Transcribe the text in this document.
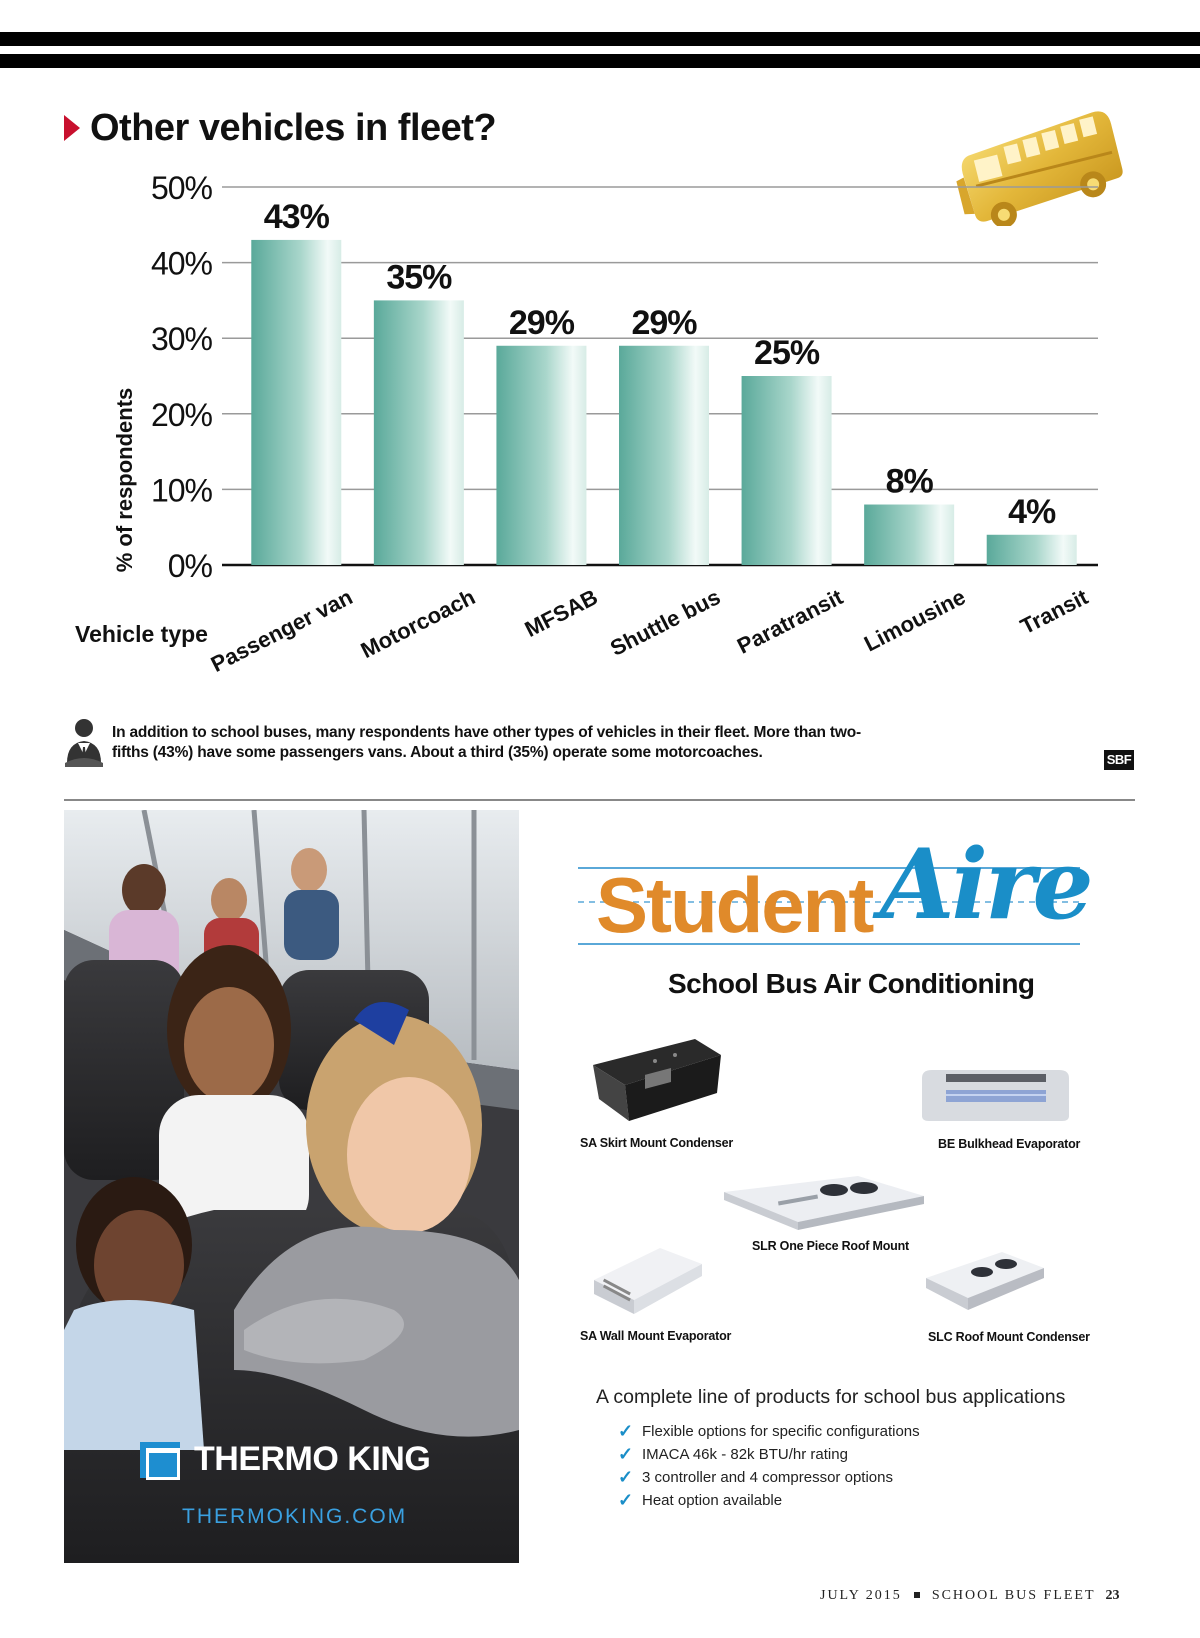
Other vehicles in fleet?
0%
10%
20%
30%
40%
50%
43%
35%
29% 29%
25%
8%
4%
Passenger van Motorcoach MFSAB Shuttle bus Paratransit Limousine Transit
% of respondents
Vehicle type

In addition to school buses, many respondents have other types of vehicles in their fleet. More than two-fifths (43%) have some passengers vans. About a third (35%) operate some motorcoaches.	SBF
THERMO KING
THERMOKING.COM
Student Aire
School Bus Air Conditioning
SA Skirt Mount Condenser	BE Bulkhead Evaporator
SLR One Piece Roof Mount
SA Wall Mount Evaporator	SLC Roof Mount Condenser
A complete line of products for school bus applications
✓ Flexible options for specific configurations
✓ IMACA 46k - 82k BTU/hr rating
✓ 3 controller and 4 compressor options
✓ Heat option available
JULY 2015 SCHOOL BUS FLEET 23
